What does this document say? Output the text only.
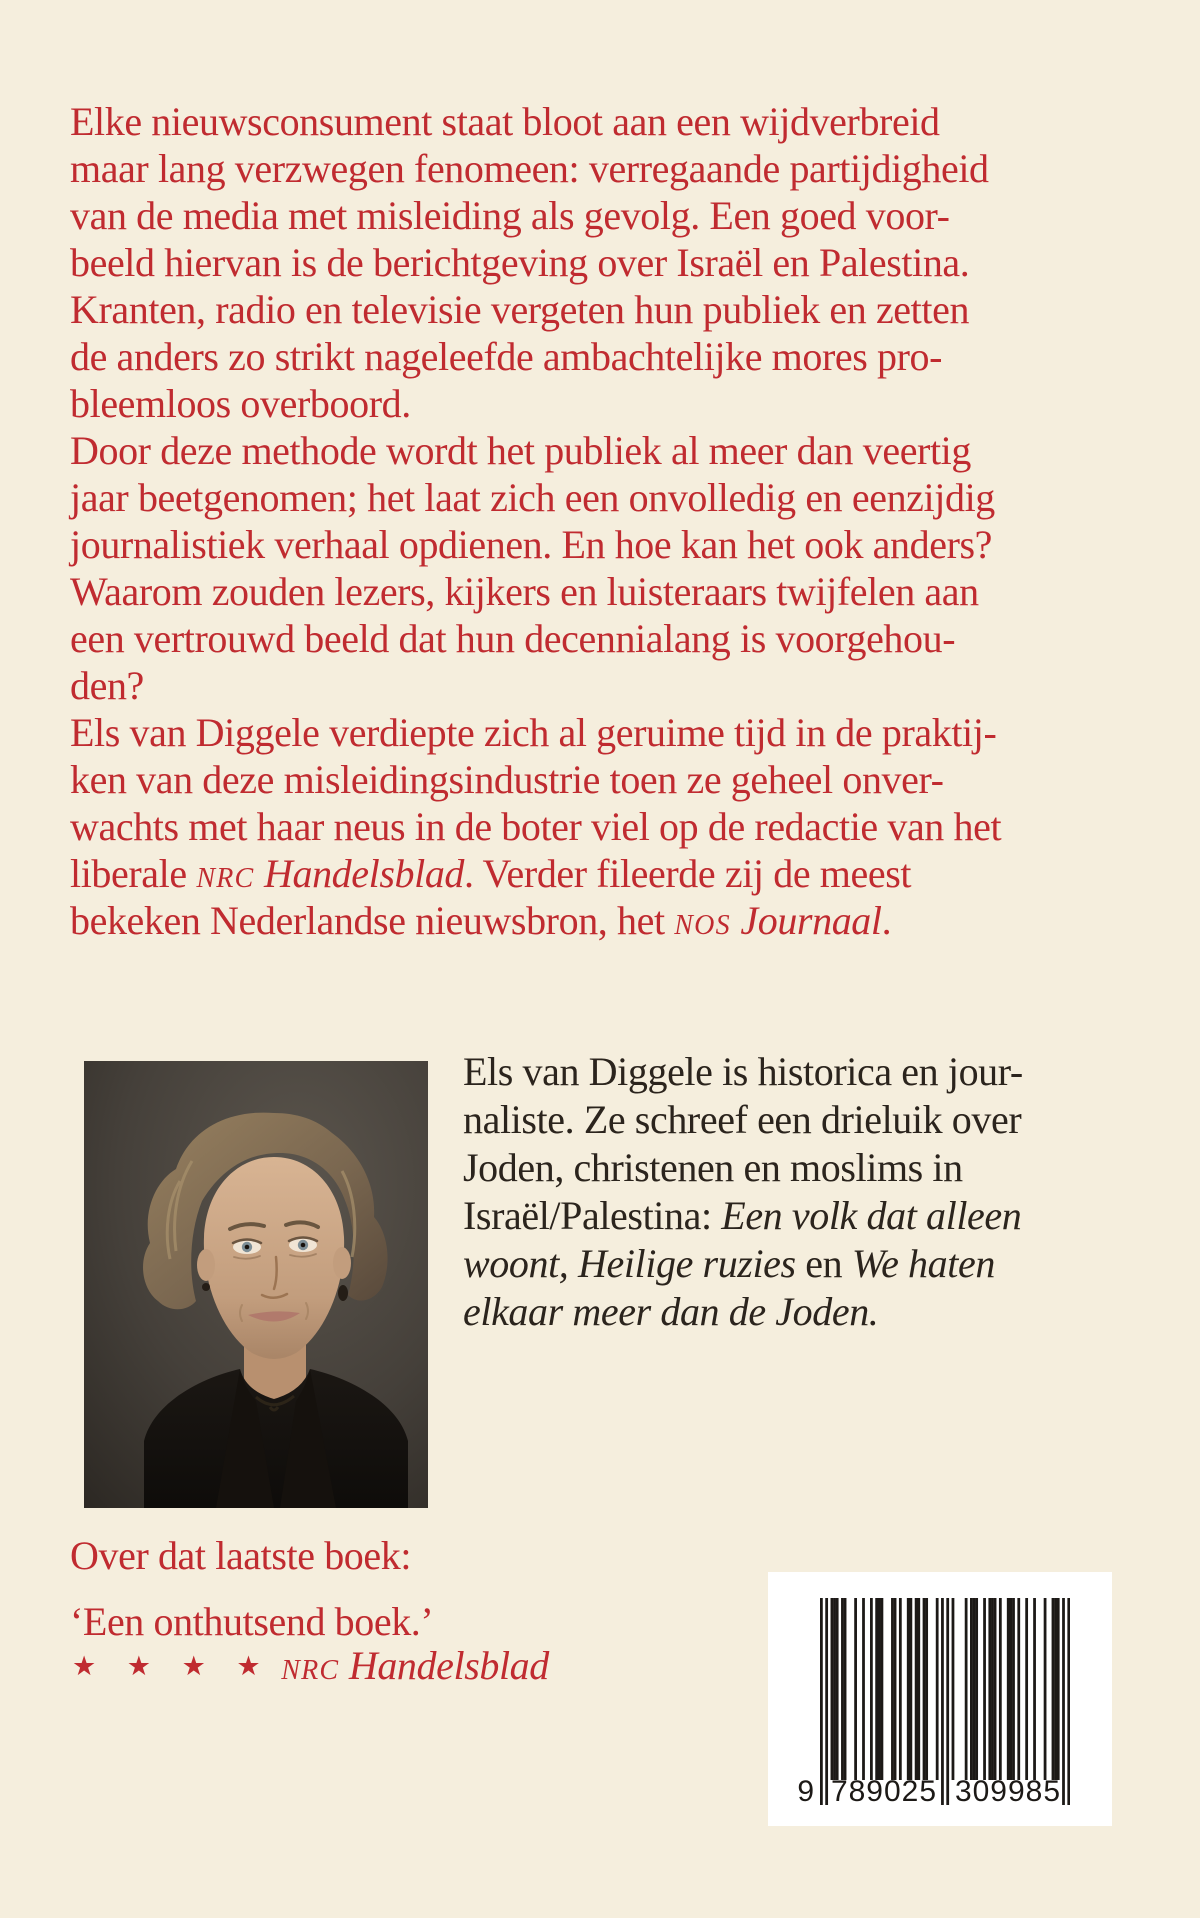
Elke nieuwsconsument staat bloot aan een wijdverbreid
maar lang verzwegen fenomeen: verregaande partijdigheid
van de media met misleiding als gevolg. Een goed voor-
beeld hiervan is de berichtgeving over Israël en Palestina.
Kranten, radio en televisie vergeten hun publiek en zetten
de anders zo strikt nageleefde ambachtelijke mores pro-
bleemloos overboord.
Door deze methode wordt het publiek al meer dan veertig
jaar beetgenomen; het laat zich een onvolledig en eenzijdig
journalistiek verhaal opdienen. En hoe kan het ook anders?
Waarom zouden lezers, kijkers en luisteraars twijfelen aan
een vertrouwd beeld dat hun decennialang is voorgehou-
den?
Els van Diggele verdiepte zich al geruime tijd in de praktij-
ken van deze misleidingsindustrie toen ze geheel onver-
wachts met haar neus in de boter viel op de redactie van het
liberale nrc Handelsblad. Verder fileerde zij de meest
bekeken Nederlandse nieuwsbron, het nos Journaal.
Els van Diggele is historica en jour-
naliste. Ze schreef een drieluik over
Joden, christenen en moslims in
Israël/Palestina: Een volk dat alleen
woont, Heilige ruzies en We haten
elkaar meer dan de Joden.
Over dat laatste boek:
‘Een onthutsend boek.’
★ ★ ★ ★ nrc Handelsblad
9 789025 309985
